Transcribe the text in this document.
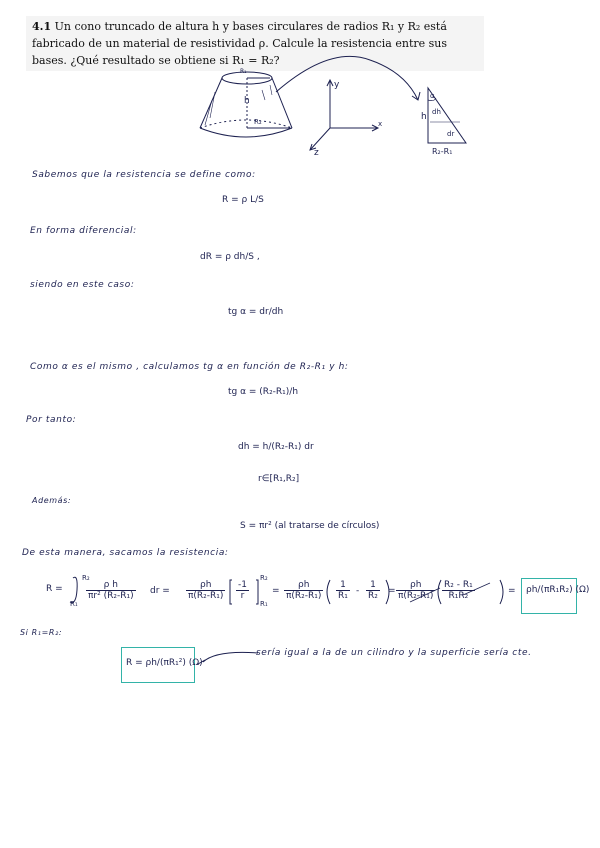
4.1 Un cono truncado de altura h y bases circulares de radios R₁ y R₂ está fabricado de un material de resistividad ρ. Calcule la resistencia entre sus bases. ¿Qué resultado se obtiene si R₁ = R₂?
R₁
h
R₂
y
x
z
α
h dh
dr
R₂-R₁
Sabemos que la resistencia se define como:
R = ρ L/S
En forma diferencial:
dR = ρ dh/S ,
siendo en este caso:
tg α = dr/dh
Como α es el mismo , calculamos tg α en función de R₂-R₁ y h:
tg α = (R₂-R₁)/h
Por tanto:
dh = h/(R₂-R₁) dr
r∈[R₁,R₂]
Además:
S = πr² (al tratarse de círculos)
De esta manera, sacamos la resistencia:
R =
R₂
R₁
$\frac{\text{ρ h}}{\text{πr² (R₂-R₁)}}$ dr = $\frac{\rho h}{\text{π(R₂-R₁)}} \frac{-1}{r}$
R₂
R₁
= $\frac{\rho h}{\text{π(R₂-R₁)}} \frac{1}{\text{R₁}} - \frac{1}{\text{R₂}} = \frac{\rho h}{\text{π(R₂-R₁)}} \frac{\text{R₂ - R₁}}{\text{R₁R₂}}$	= ρh/(πR₁R₂) (Ω)
Si R₁=R₂:
R = ρh/(πR₁²) (Ω)
sería igual a la de un cilindro y la superficie sería cte.
